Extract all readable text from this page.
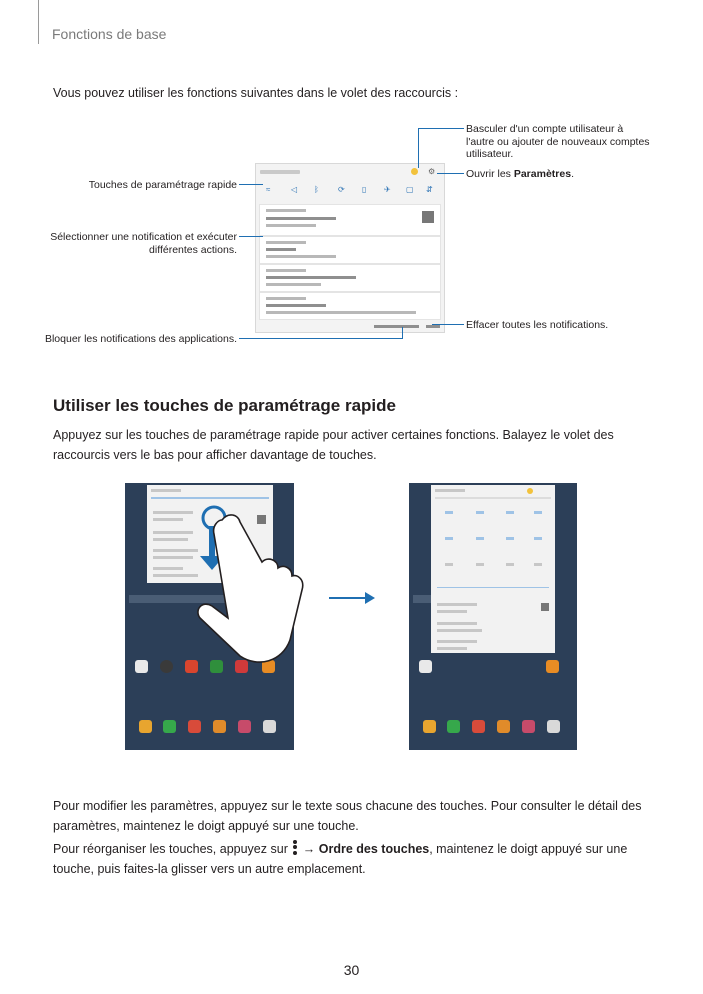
Fonctions de base
Vous pouvez utiliser les fonctions suivantes dans le volet des raccourcis :
⚙
≈	◁ ᛒ ⟳ ▯ ✈ ▢ ⇵
Basculer d'un compte utilisateur à l'autre ou ajouter de nouveaux comptes utilisateur.
Ouvrir les Paramètres.
Touches de paramétrage rapide
Sélectionner une notification et exécuter différentes actions.
Effacer toutes les notifications.
Bloquer les notifications des applications.
Utiliser les touches de paramétrage rapide
Appuyez sur les touches de paramétrage rapide pour activer certaines fonctions. Balayez le volet des raccourcis vers le bas pour afficher davantage de touches.
Pour modifier les paramètres, appuyez sur le texte sous chacune des touches. Pour consulter le détail des paramètres, maintenez le doigt appuyé sur une touche.
Pour réorganiser les touches, appuyez sur
→ Ordre des touches, maintenez le doigt appuyé sur une touche, puis faites-la glisser vers un autre emplacement.
30
